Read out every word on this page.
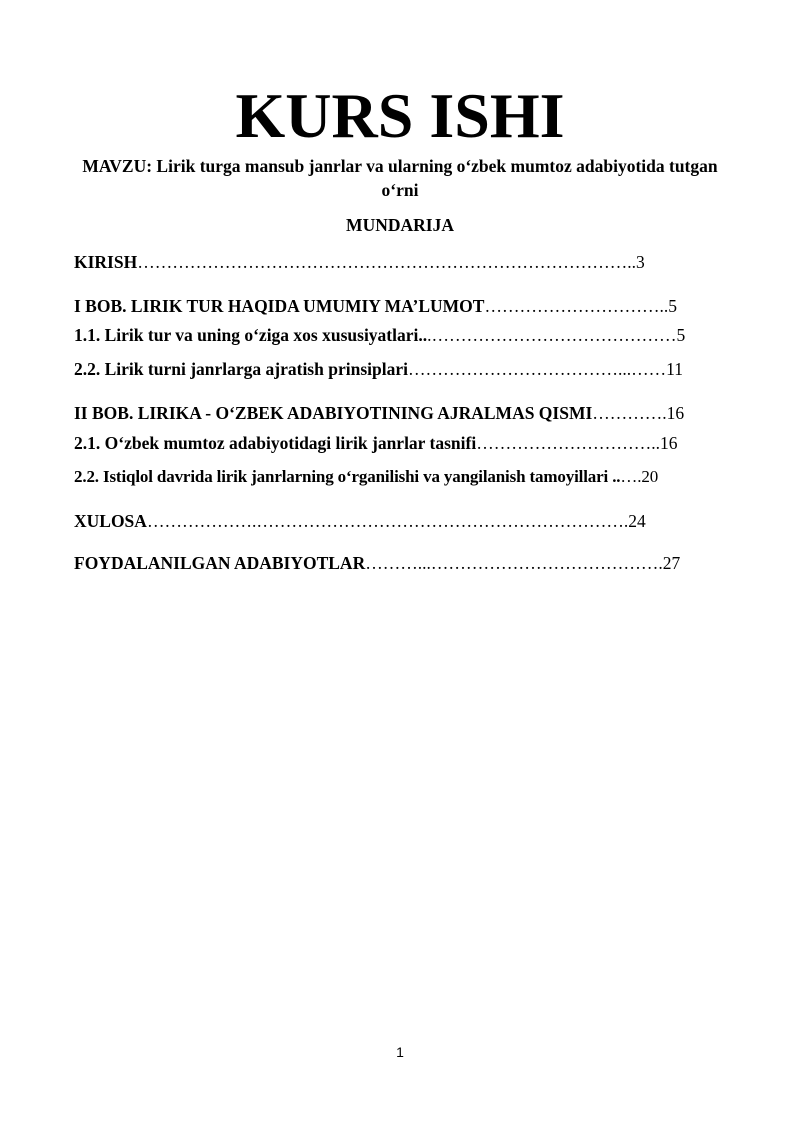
KURS ISHI
MAVZU: Lirik turga mansub janrlar va ularning o‘zbek mumtoz adabiyotida tutgan o‘rni
MUNDARIJA
KIRISH…………………………………………………………………………..3
I BOB. LIRIK TUR HAQIDA UMUMIY MA’LUMOT…………………………..5
1.1. Lirik tur va uning o‘ziga xos xususiyatlari...……………………………………5
2.2. Lirik turni janrlarga ajratish prinsiplari………………………………...……11
II BOB. LIRIKA - O‘ZBEK ADABIYOTINING AJRALMAS QISMI………….16
2.1. O‘zbek mumtoz adabiyotidagi lirik janrlar tasnifi…………………………..16
2.2. Istiqlol davrida lirik janrlarning o‘rganilishi va yangilanish tamoyillari ..….20
XULOSA……………….……………………………………………………….24
FOYDALANILGAN ADABIYOTLAR………...………………………………….27
1
